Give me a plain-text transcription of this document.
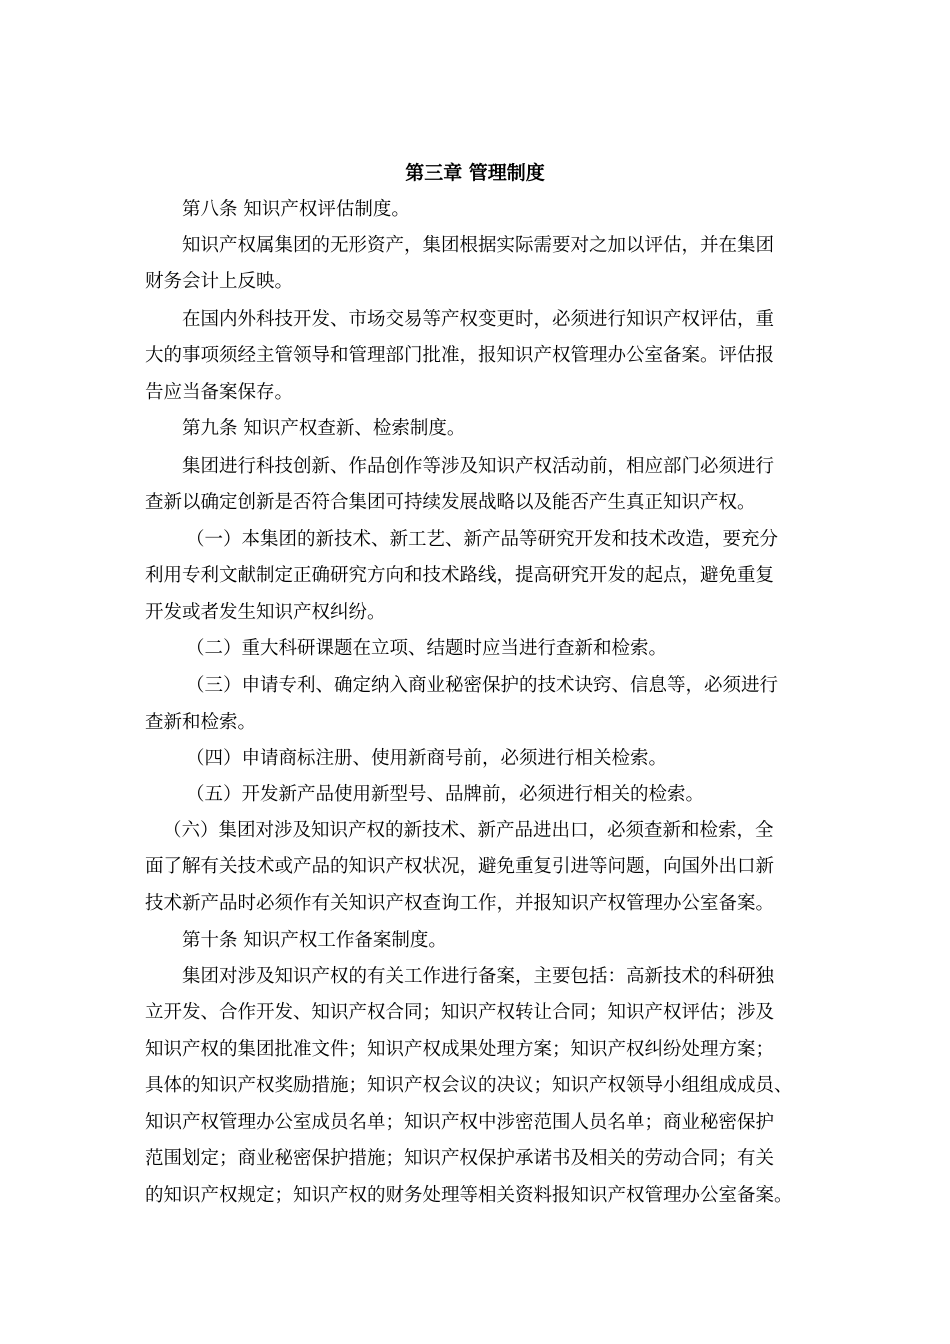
第三章 管理制度
第八条 知识产权评估制度。
知识产权属集团的无形资产，集团根据实际需要对之加以评估，并在集团
财务会计上反映。
在国内外科技开发、市场交易等产权变更时，必须进行知识产权评估，重
大的事项须经主管领导和管理部门批准，报知识产权管理办公室备案。评估报
告应当备案保存。
第九条 知识产权查新、检索制度。
集团进行科技创新、作品创作等涉及知识产权活动前，相应部门必须进行
查新以确定创新是否符合集团可持续发展战略以及能否产生真正知识产权。
（一）本集团的新技术、新工艺、新产品等研究开发和技术改造，要充分
利用专利文献制定正确研究方向和技术路线，提高研究开发的起点，避免重复
开发或者发生知识产权纠纷。
（二）重大科研课题在立项、结题时应当进行查新和检索。
（三）申请专利、确定纳入商业秘密保护的技术诀窍、信息等，必须进行
查新和检索。
（四）申请商标注册、使用新商号前，必须进行相关检索。
（五）开发新产品使用新型号、品牌前，必须进行相关的检索。
（六）集团对涉及知识产权的新技术、新产品进出口，必须查新和检索，全
面了解有关技术或产品的知识产权状况，避免重复引进等问题，向国外出口新
技术新产品时必须作有关知识产权查询工作，并报知识产权管理办公室备案。
第十条 知识产权工作备案制度。
集团对涉及知识产权的有关工作进行备案，主要包括：高新技术的科研独
立开发、合作开发、知识产权合同；知识产权转让合同；知识产权评估；涉及
知识产权的集团批准文件；知识产权成果处理方案；知识产权纠纷处理方案；
具体的知识产权奖励措施；知识产权会议的决议；知识产权领导小组组成成员、
知识产权管理办公室成员名单；知识产权中涉密范围人员名单；商业秘密保护
范围划定；商业秘密保护措施；知识产权保护承诺书及相关的劳动合同；有关
的知识产权规定；知识产权的财务处理等相关资料报知识产权管理办公室备案。
